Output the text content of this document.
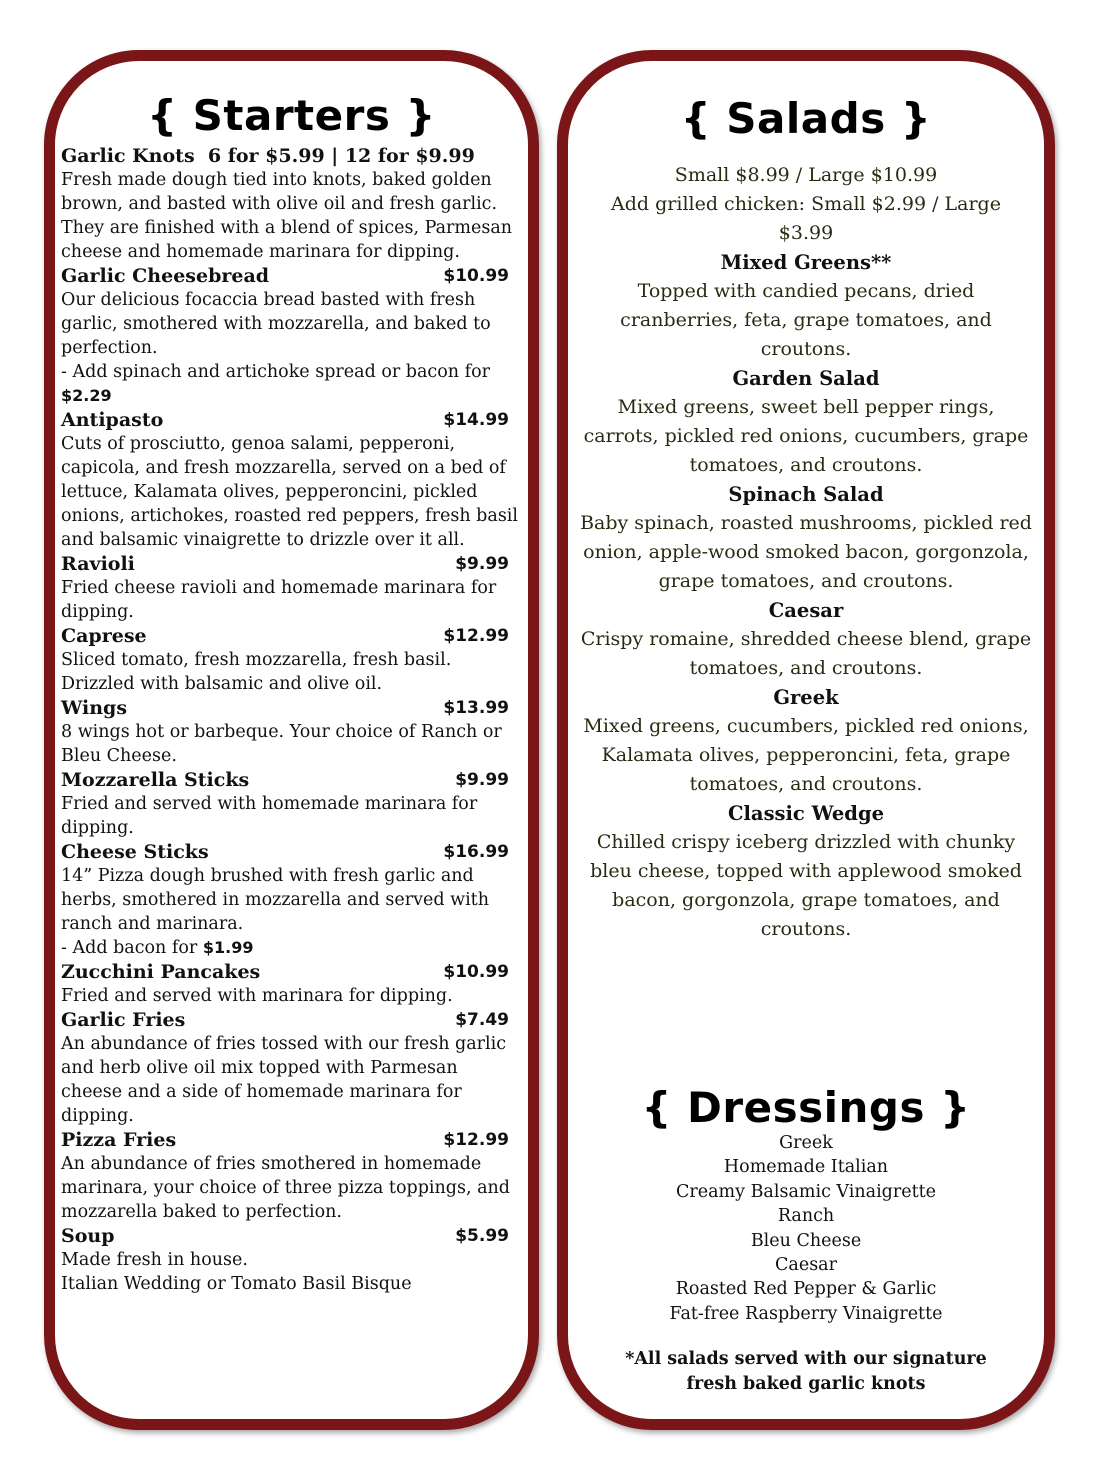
{ Starters }
Garlic Knots  6 for $5.99 | 12 for $9.99
Fresh made dough tied into knots, baked golden brown, and basted with olive oil and fresh garlic. They are finished with a blend of spices, Parmesan cheese and homemade marinara for dipping.
Garlic Cheesebread	$10.99
Our delicious focaccia bread basted with fresh garlic, smothered with mozzarella, and baked to perfection.
- Add spinach and artichoke spread or bacon for $2.29
Antipasto	$14.99
Cuts of prosciutto, genoa salami, pepperoni, capicola, and fresh mozzarella, served on a bed of lettuce, Kalamata olives, pepperoncini, pickled onions, artichokes, roasted red peppers, fresh basil and balsamic vinaigrette to drizzle over it all.
Ravioli	$9.99
Fried cheese ravioli and homemade marinara for dipping.
Caprese	$12.99
Sliced tomato, fresh mozzarella, fresh basil. Drizzled with balsamic and olive oil.
Wings	$13.99
8 wings hot or barbeque. Your choice of Ranch or Bleu Cheese.
Mozzarella Sticks	$9.99
Fried and served with homemade marinara for dipping.
Cheese Sticks	$16.99
14” Pizza dough brushed with fresh garlic and herbs, smothered in mozzarella and served with ranch and marinara.
- Add bacon for $1.99
Zucchini Pancakes	$10.99
Fried and served with marinara for dipping.
Garlic Fries	$7.49
An abundance of fries tossed with our fresh garlic and herb olive oil mix topped with Parmesan cheese and a side of homemade marinara for dipping.
Pizza Fries	$12.99
An abundance of fries smothered in homemade marinara, your choice of three pizza toppings, and mozzarella baked to perfection.
Soup	$5.99
Made fresh in house.
Italian Wedding or Tomato Basil Bisque
{ Salads }
Small $8.99 / Large $10.99
Add grilled chicken: Small $2.99 / Large $3.99
Mixed Greens**
Topped with candied pecans, dried cranberries, feta, grape tomatoes, and croutons.
Garden Salad
Mixed greens, sweet bell pepper rings, carrots, pickled red onions, cucumbers, grape tomatoes, and croutons.
Spinach Salad
Baby spinach, roasted mushrooms, pickled red onion, apple-wood smoked bacon, gorgonzola, grape tomatoes, and croutons.
Caesar
Crispy romaine, shredded cheese blend, grape tomatoes, and croutons.
Greek
Mixed greens, cucumbers, pickled red onions, Kalamata olives, pepperoncini, feta, grape tomatoes, and croutons.
Classic Wedge
Chilled crispy iceberg drizzled with chunky bleu cheese, topped with applewood smoked bacon, gorgonzola, grape tomatoes, and croutons.
{ Dressings }
Greek
Homemade Italian
Creamy Balsamic Vinaigrette
Ranch
Bleu Cheese
Caesar
Roasted Red Pepper & Garlic
Fat-free Raspberry Vinaigrette
*All salads served with our signature fresh baked garlic knots
